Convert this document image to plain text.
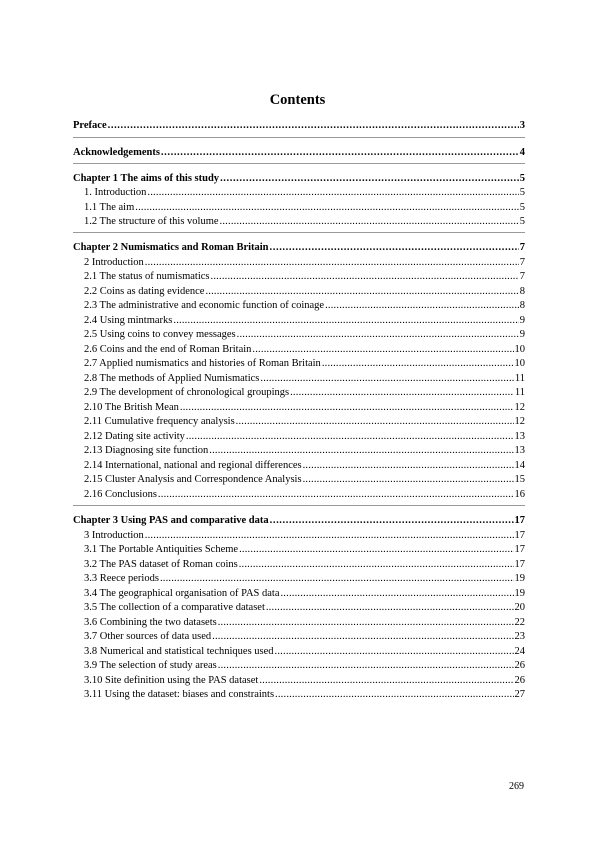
Contents
Preface .....	3
Acknowledgements .....	4
Chapter 1 The aims of this study .....	5
1. Introduction .....	5
1.1 The aim .....	5
1.2 The structure of this volume .....	5
Chapter 2 Numismatics and Roman Britain .....	7
2 Introduction .....	7
2.1 The status of numismatics .....	7
2.2 Coins as dating evidence .....	8
2.3 The administrative and economic function of coinage .....	8
2.4 Using mintmarks .....	9
2.5 Using coins to convey messages .....	9
2.6 Coins and the end of Roman Britain .....	10
2.7 Applied numismatics and histories of Roman Britain .....	10
2.8 The methods of Applied Numismatics .....	11
2.9 The development of chronological groupings .....	11
2.10 The British Mean .....	12
2.11 Cumulative frequency analysis .....	12
2.12 Dating site activity .....	13
2.13 Diagnosing site function .....	13
2.14 International, national and regional differences .....	14
2.15 Cluster Analysis and Correspondence Analysis .....	15
2.16 Conclusions .....	16
Chapter 3 Using PAS and comparative data .....	17
3 Introduction .....	17
3.1 The Portable Antiquities Scheme .....	17
3.2 The PAS dataset of Roman coins .....	17
3.3 Reece periods .....	19
3.4 The geographical organisation of PAS data .....	19
3.5 The collection of a comparative dataset .....	20
3.6 Combining the two datasets .....	22
3.7 Other sources of data used .....	23
3.8 Numerical and statistical techniques used .....	24
3.9 The selection of study areas .....	26
3.10 Site definition using the PAS dataset .....	26
3.11 Using the dataset: biases and constraints .....	27
269
